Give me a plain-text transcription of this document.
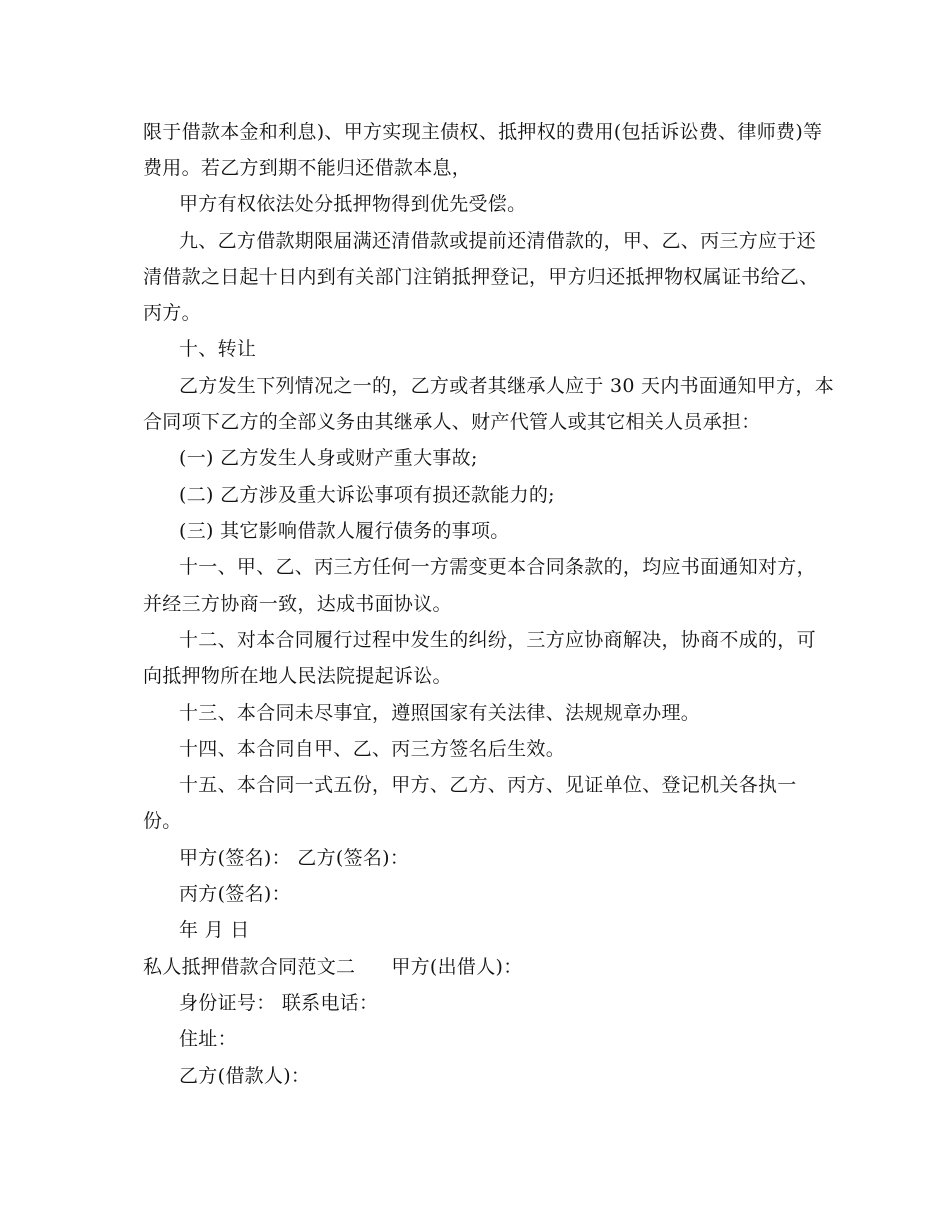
限于借款本金和利息)、甲方实现主债权、抵押权的费用(包括诉讼费、律师费)等
费用。若乙方到期不能归还借款本息，
甲方有权依法处分抵押物得到优先受偿。
九、乙方借款期限届满还清借款或提前还清借款的，甲、乙、丙三方应于还
清借款之日起十日内到有关部门注销抵押登记，甲方归还抵押物权属证书给乙、
丙方。
十、转让
乙方发生下列情况之一的，乙方或者其继承人应于 30 天内书面通知甲方，本
合同项下乙方的全部义务由其继承人、财产代管人或其它相关人员承担：
(一) 乙方发生人身或财产重大事故;
(二) 乙方涉及重大诉讼事项有损还款能力的;
(三) 其它影响借款人履行债务的事项。
十一、甲、乙、丙三方任何一方需变更本合同条款的，均应书面通知对方，
并经三方协商一致，达成书面协议。
十二、对本合同履行过程中发生的纠纷，三方应协商解决，协商不成的，可
向抵押物所在地人民法院提起诉讼。
十三、本合同未尽事宜，遵照国家有关法律、法规规章办理。
十四、本合同自甲、乙、丙三方签名后生效。
十五、本合同一式五份，甲方、乙方、丙方、见证单位、登记机关各执一
份。
甲方(签名)： 乙方(签名)：
丙方(签名)：
年 月 日
私人抵押借款合同范文二 甲方(出借人)：
身份证号： 联系电话：
住址：
乙方(借款人)：
